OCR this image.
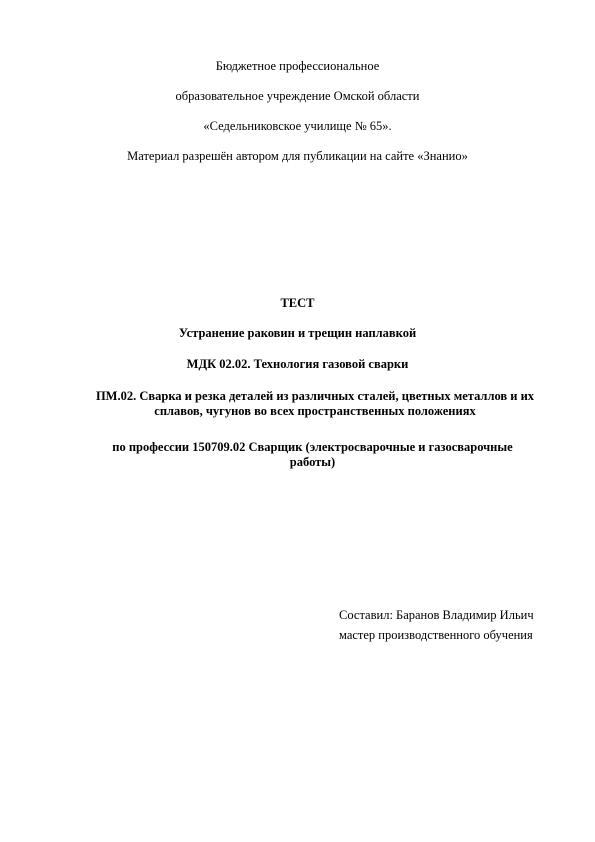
Бюджетное профессиональное
образовательное учреждение Омской области
«Седельниковское училище № 65».
Материал разрешён автором для публикации на сайте «Знанио»
ТЕСТ
Устранение раковин и трещин наплавкой
МДК 02.02. Технология газовой сварки
ПМ.02. Сварка и резка деталей из различных сталей, цветных металлов и их сплавов, чугунов во всех пространственных положениях
по профессии 150709.02 Сварщик (электросварочные и газосварочные работы)
Составил: Баранов Владимир Ильич
мастер производственного обучения
